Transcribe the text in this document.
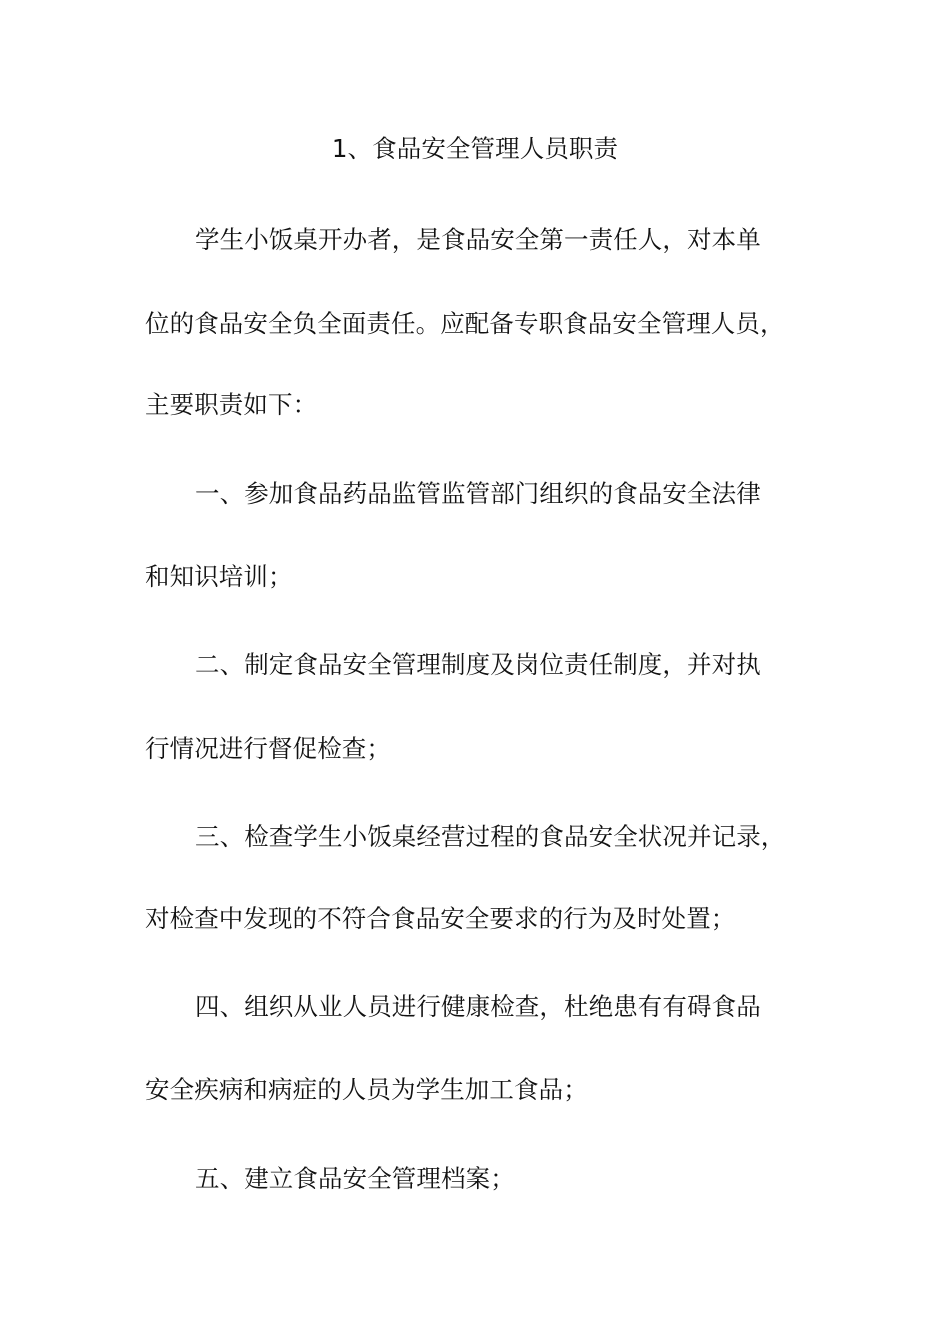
1、食品安全管理人员职责
学生小饭桌开办者，是食品安全第一责任人，对本单
位的食品安全负全面责任。应配备专职食品安全管理人员，
主要职责如下：
一、参加食品药品监管监管部门组织的食品安全法律
和知识培训；
二、制定食品安全管理制度及岗位责任制度，并对执
行情况进行督促检查；
三、检查学生小饭桌经营过程的食品安全状况并记录，
对检查中发现的不符合食品安全要求的行为及时处置；
四、组织从业人员进行健康检查，杜绝患有有碍食品
安全疾病和病症的人员为学生加工食品；
五、建立食品安全管理档案；
